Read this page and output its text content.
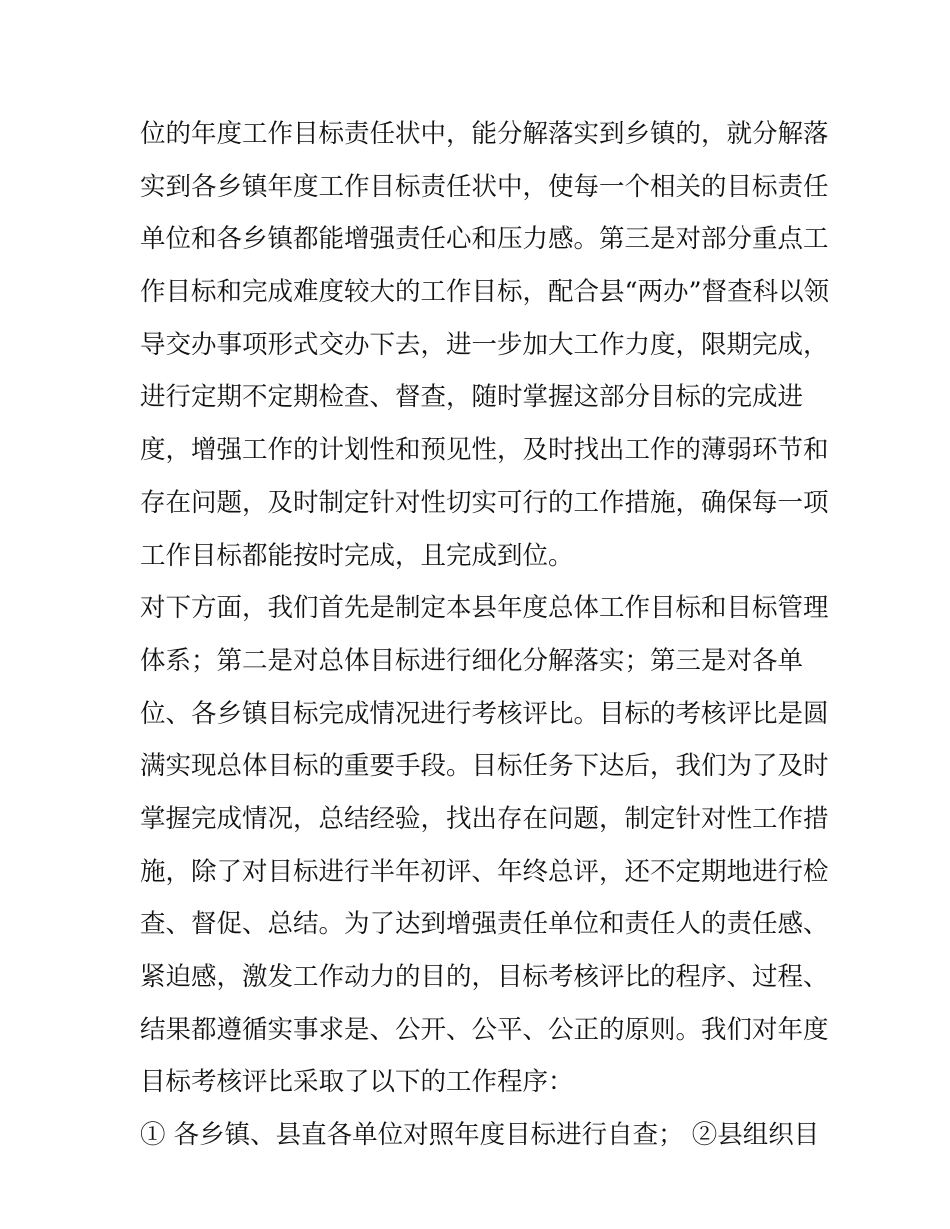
位的年度工作目标责任状中，能分解落实到乡镇的，就分解落
实到各乡镇年度工作目标责任状中，使每一个相关的目标责任
单位和各乡镇都能增强责任心和压力感。第三是对部分重点工
作目标和完成难度较大的工作目标，配合县“两办”督查科以领
导交办事项形式交办下去，进一步加大工作力度，限期完成，
进行定期不定期检查、督查，随时掌握这部分目标的完成进
度，增强工作的计划性和预见性，及时找出工作的薄弱环节和
存在问题，及时制定针对性切实可行的工作措施，确保每一项
工作目标都能按时完成，且完成到位。
对下方面，我们首先是制定本县年度总体工作目标和目标管理
体系；第二是对总体目标进行细化分解落实；第三是对各单
位、各乡镇目标完成情况进行考核评比。目标的考核评比是圆
满实现总体目标的重要手段。目标任务下达后，我们为了及时
掌握完成情况，总结经验，找出存在问题，制定针对性工作措
施，除了对目标进行半年初评、年终总评，还不定期地进行检
查、督促、总结。为了达到增强责任单位和责任人的责任感、
紧迫感，激发工作动力的目的，目标考核评比的程序、过程、
结果都遵循实事求是、公开、公平、公正的原则。我们对年度
目标考核评比采取了以下的工作程序：
① 各乡镇、县直各单位对照年度目标进行自查； ②县组织目
